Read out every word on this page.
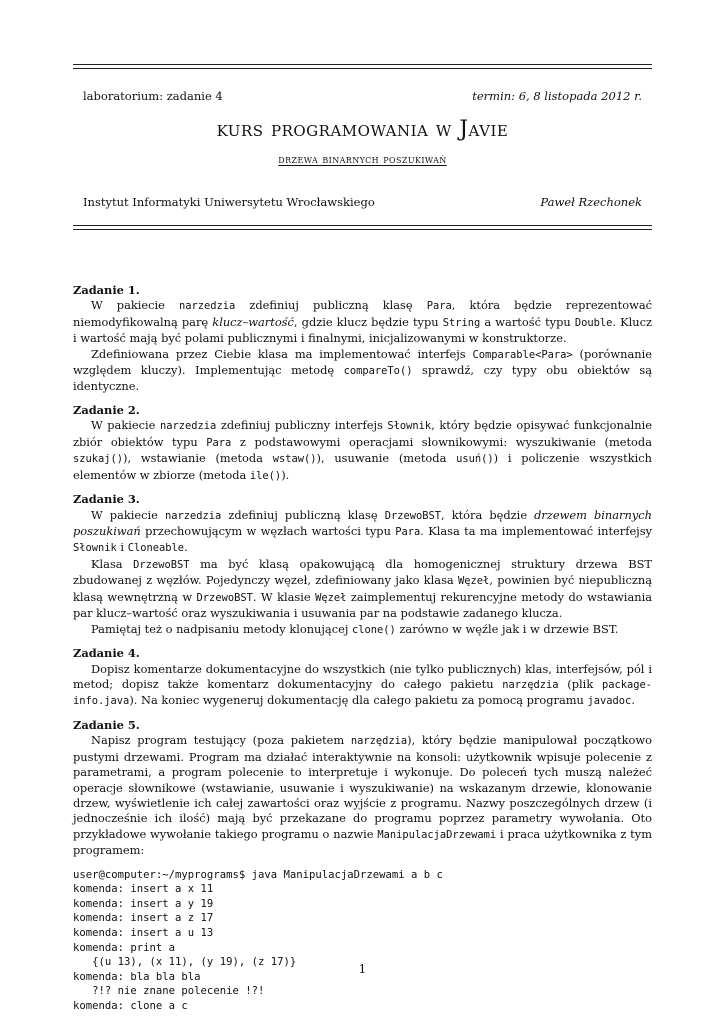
laboratorium: zadanie 4	termin: 6, 8 listopada 2012 r.
kurs programowania w Javie
drzewa binarnych poszukiwań
Instytut Informatyki Uniwersytetu Wrocławskiego	Paweł Rzechonek
Zadanie 1.

W pakiecie narzedzia zdefiniuj publiczną klasę Para, która będzie reprezentować niemodyfikowalną parę klucz–wartość, gdzie klucz będzie typu String a wartość typu Double. Klucz i wartość mają być polami publicznymi i finalnymi, inicjalizowanymi w konstruktorze.

Zdefiniowana przez Ciebie klasa ma implementować interfejs Comparable<Para> (porównanie względem kluczy). Implementując metodę compareTo() sprawdź, czy typy obu obiektów są identyczne.

Zadanie 2.

W pakiecie narzedzia zdefiniuj publiczny interfejs Słownik, który będzie opisywać funkcjonalnie zbiór obiektów typu Para z podstawowymi operacjami słownikowymi: wyszukiwanie (metoda szukaj()), wstawianie (metoda wstaw()), usuwanie (metoda usuń()) i policzenie wszystkich elementów w zbiorze (metoda ile()).

Zadanie 3.

W pakiecie narzedzia zdefiniuj publiczną klasę DrzewoBST, która będzie drzewem binarnych poszukiwań przechowującym w węzłach wartości typu Para. Klasa ta ma implementować interfejsy Słownik i Cloneable.

Klasa DrzewoBST ma być klasą opakowującą dla homogenicznej struktury drzewa BST zbudowanej z węzłów. Pojedynczy węzeł, zdefiniowany jako klasa Węzeł, powinien być niepubliczną klasą wewnętrzną w DrzewoBST. W klasie Węzeł zaimplementuj rekurencyjne metody do wstawiania par klucz–wartość oraz wyszukiwania i usuwania par na podstawie zadanego klucza.

Pamiętaj też o nadpisaniu metody klonującej clone() zarówno w węźle jak i w drzewie BST.

Zadanie 4.

Dopisz komentarze dokumentacyjne do wszystkich (nie tylko publicznych) klas, interfejsów, pól i metod; dopisz także komentarz dokumentacyjny do całego pakietu narzędzia (plik package-info.java). Na koniec wygeneruj dokumentację dla całego pakietu za pomocą programu javadoc.

Zadanie 5.

Napisz program testujący (poza pakietem narzędzia), który będzie manipulował początkowo pustymi drzewami. Program ma działać interaktywnie na konsoli: użytkownik wpisuje polecenie z parametrami, a program polecenie to interpretuje i wykonuje. Do poleceń tych muszą należeć operacje słownikowe (wstawianie, usuwanie i wyszukiwanie) na wskazanym drzewie, klonowanie drzew, wyświetlenie ich całej zawartości oraz wyjście z programu. Nazwy poszczególnych drzew (i jednocześnie ich ilość) mają być przekazane do programu poprzez parametry wywołania. Oto przykładowe wywołanie takiego programu o nazwie ManipulacjaDrzewami i praca użytkownika z tym programem:

user@computer:~/myprograms$ java ManipulacjaDrzewami a b c
komenda: insert a x 11
komenda: insert a y 19
komenda: insert a z 17
komenda: insert a u 13
komenda: print a
{(u 13), (x 11), (y 19), (z 17)}
komenda: bla bla bla
?!? nie znane polecenie !?!
komenda: clone a c
1
